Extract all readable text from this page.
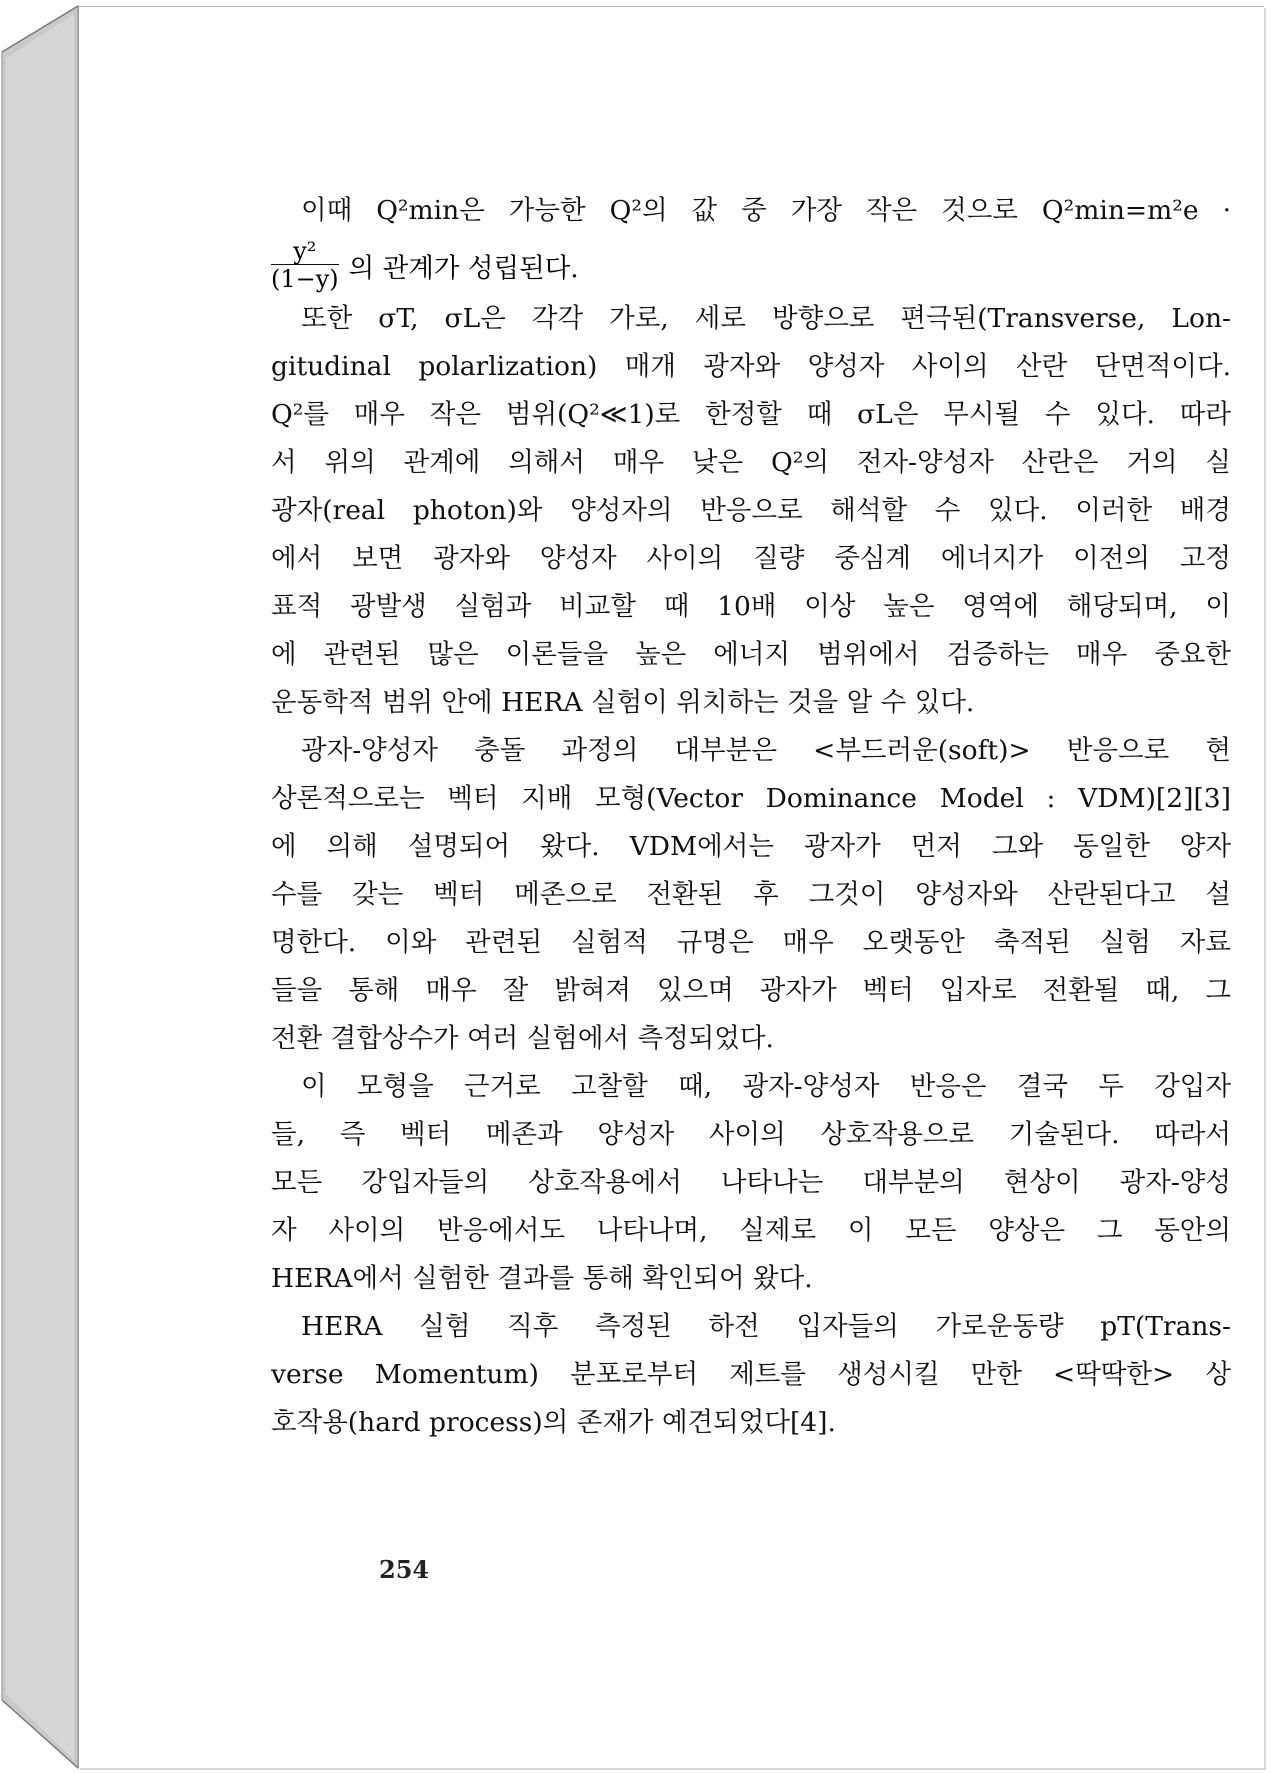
이때 Q²min은 가능한 Q²의 값 중 가장 작은 것으로 Q²min=m²e ·
$\frac{\text{y²}}{(1-y)}$ 의 관계가 성립된다.
또한 σT, σL은 각각 가로, 세로 방향으로 편극된(Transverse, Lon-
gitudinal polarlization) 매개 광자와 양성자 사이의 산란 단면적이다.
Q²를 매우 작은 범위(Q²≪1)로 한정할 때 σL은 무시될 수 있다. 따라
서 위의 관계에 의해서 매우 낮은 Q²의 전자-양성자 산란은 거의 실
광자(real photon)와 양성자의 반응으로 해석할 수 있다. 이러한 배경
에서 보면 광자와 양성자 사이의 질량 중심계 에너지가 이전의 고정
표적 광발생 실험과 비교할 때 10배 이상 높은 영역에 해당되며, 이
에 관련된 많은 이론들을 높은 에너지 범위에서 검증하는 매우 중요한
운동학적 범위 안에 HERA 실험이 위치하는 것을 알 수 있다.
광자-양성자 충돌 과정의 대부분은 <부드러운(soft)> 반응으로 현
상론적으로는 벡터 지배 모형(Vector Dominance Model : VDM)[2][3]
에 의해 설명되어 왔다. VDM에서는 광자가 먼저 그와 동일한 양자
수를 갖는 벡터 메존으로 전환된 후 그것이 양성자와 산란된다고 설
명한다. 이와 관련된 실험적 규명은 매우 오랫동안 축적된 실험 자료
들을 통해 매우 잘 밝혀져 있으며 광자가 벡터 입자로 전환될 때, 그
전환 결합상수가 여러 실험에서 측정되었다.
이 모형을 근거로 고찰할 때, 광자-양성자 반응은 결국 두 강입자
들, 즉 벡터 메존과 양성자 사이의 상호작용으로 기술된다. 따라서
모든 강입자들의 상호작용에서 나타나는 대부분의 현상이 광자-양성
자 사이의 반응에서도 나타나며, 실제로 이 모든 양상은 그 동안의
HERA에서 실험한 결과를 통해 확인되어 왔다.
HERA 실험 직후 측정된 하전 입자들의 가로운동량 pT(Trans-
verse Momentum) 분포로부터 제트를 생성시킬 만한 <딱딱한> 상
호작용(hard process)의 존재가 예견되었다[4].
254
